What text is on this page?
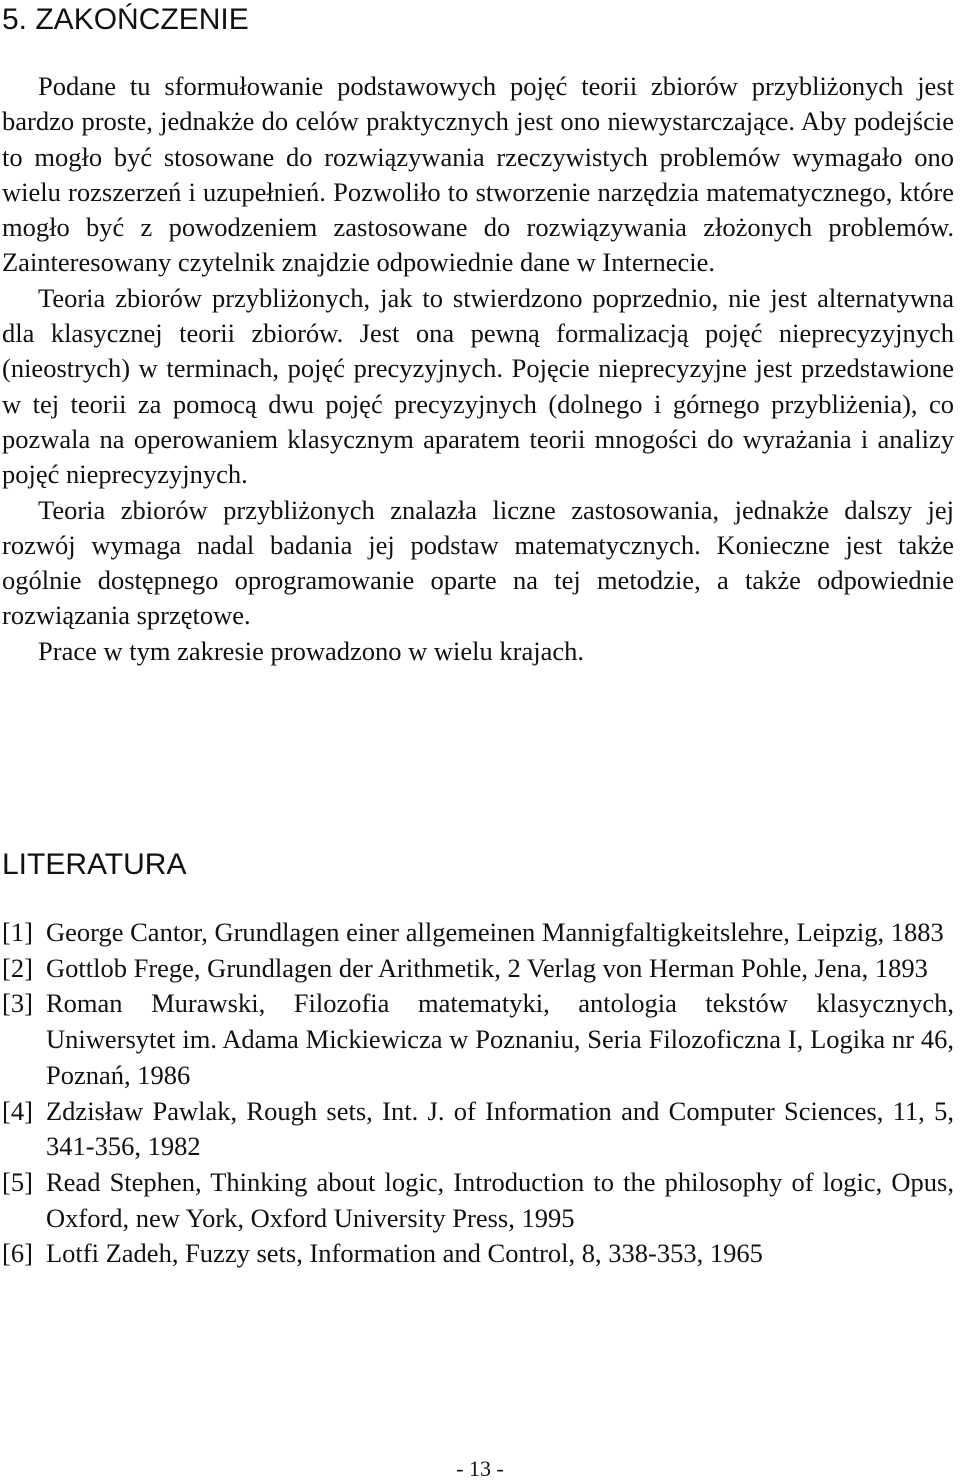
5. ZAKOŃCZENIE

Podane tu sformułowanie podstawowych pojęć teorii zbiorów przybliżonych jest bardzo proste, jednakże do celów praktycznych jest ono niewystarczające. Aby podejście to mogło być stosowane do rozwiązywania rzeczywistych problemów wymagało ono wielu rozszerzeń i uzupełnień. Pozwoliło to stworzenie narzędzia matematycznego, które mogło być z powodzeniem zastosowane do rozwiązywania złożonych problemów. Zainteresowany czytelnik znajdzie odpowiednie dane w Internecie.

Teoria zbiorów przybliżonych, jak to stwierdzono poprzednio, nie jest alternatywna dla klasycznej teorii zbiorów. Jest ona pewną formalizacją pojęć nieprecyzyjnych (nieostrych) w terminach, pojęć precyzyjnych. Pojęcie nieprecyzyjne jest przedstawione w tej teorii za pomocą dwu pojęć precyzyjnych (dolnego i górnego przybliżenia), co pozwala na operowaniem klasycznym aparatem teorii mnogości do wyrażania i analizy pojęć nieprecyzyjnych.

Teoria zbiorów przybliżonych znalazła liczne zastosowania, jednakże dalszy jej rozwój wymaga nadal badania jej podstaw matematycznych. Konieczne jest także ogólnie dostępnego oprogramowanie oparte na tej metodzie, a także odpowiednie rozwiązania sprzętowe.

Prace w tym zakresie prowadzono w wielu krajach.

LITERATURA
[1] George Cantor, Grundlagen einer allgemeinen Mannigfaltigkeitslehre, Leipzig, 1883
[2] Gottlob Frege, Grundlagen der Arithmetik, 2 Verlag von Herman Pohle, Jena, 1893
[3] Roman Murawski, Filozofia matematyki, antologia tekstów klasycznych, Uniwersytet im. Adama Mickiewicza w Poznaniu, Seria Filozoficzna I, Logika nr 46, Poznań, 1986
[4] Zdzisław Pawlak, Rough sets, Int. J. of Information and Computer Sciences, 11, 5, 341-356, 1982
[5] Read Stephen, Thinking about logic, Introduction to the philosophy of logic, Opus, Oxford, new York, Oxford University Press, 1995
[6] Lotfi Zadeh, Fuzzy sets, Information and Control, 8, 338-353, 1965
- 13 -
